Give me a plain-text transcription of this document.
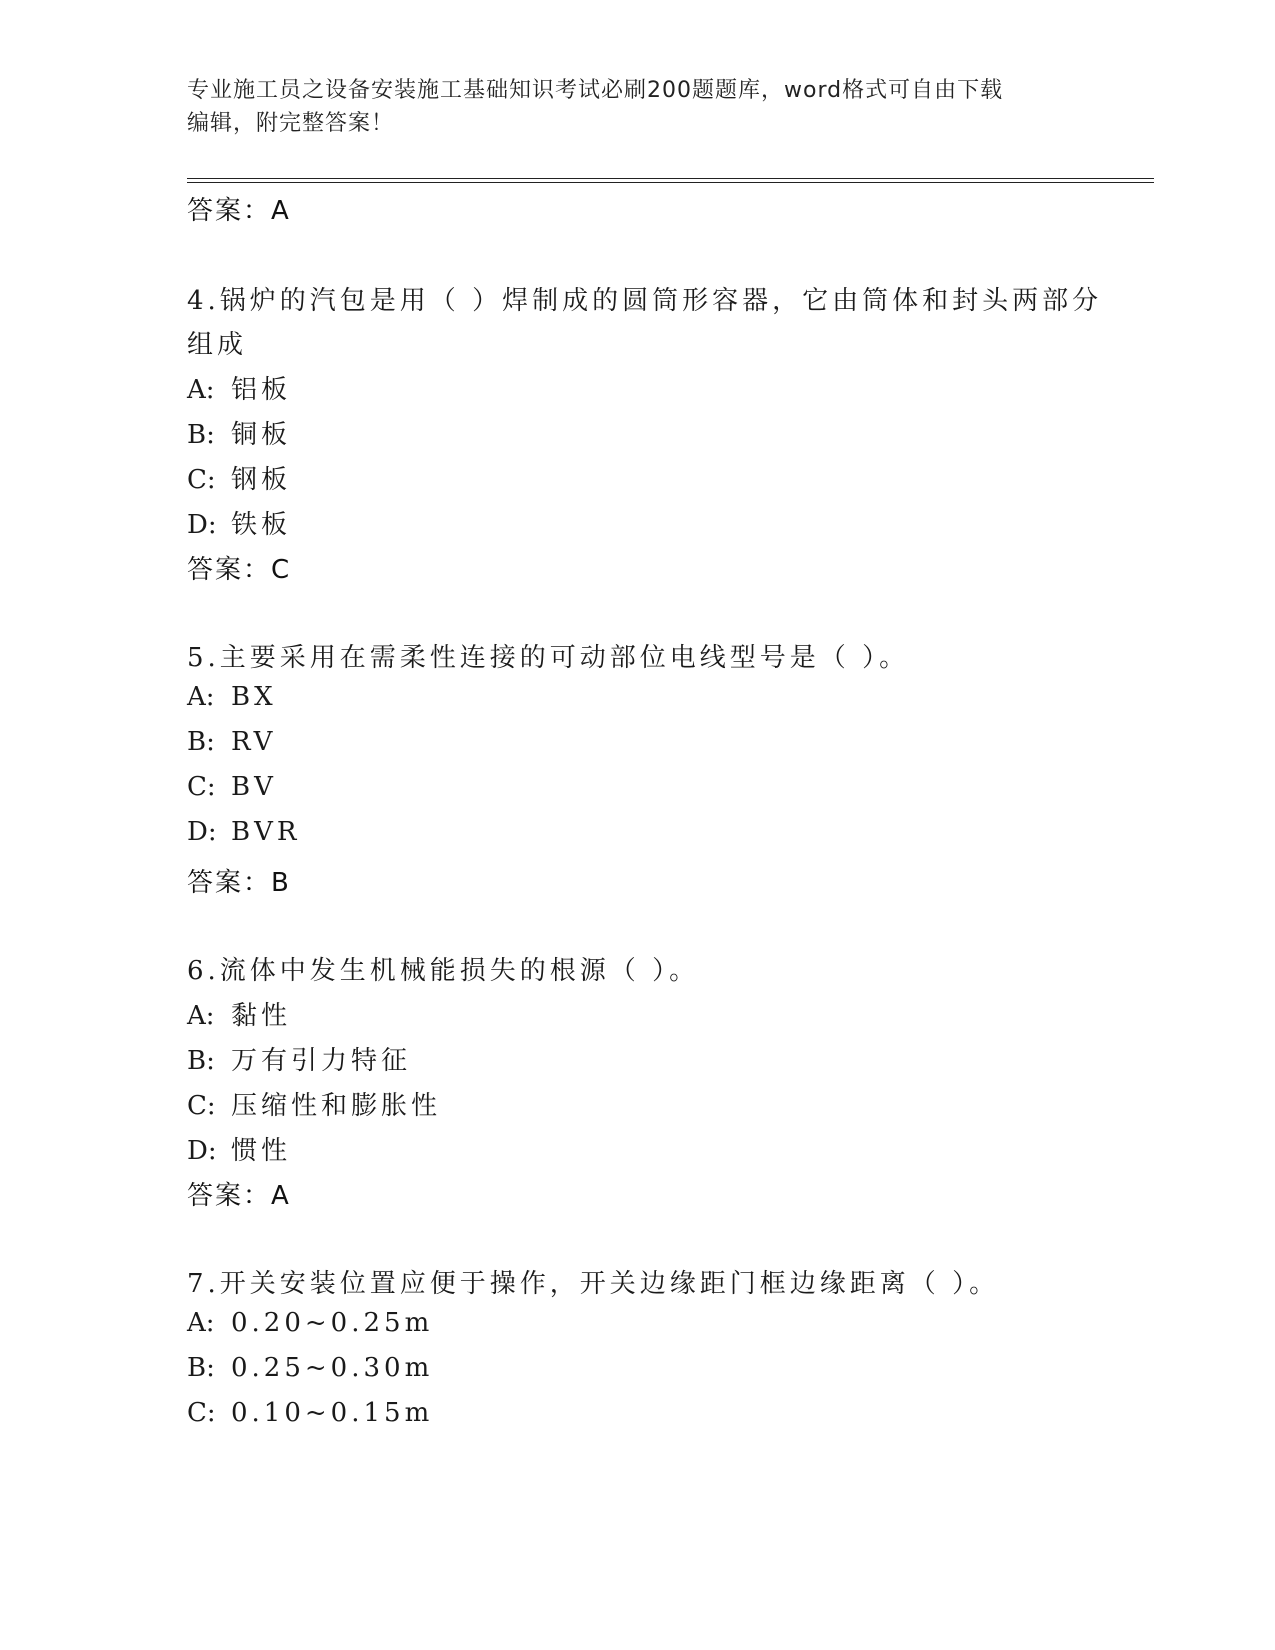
专业施工员之设备安装施工基础知识考试必刷200题题库，word格式可自由下载
编辑，附完整答案！
答案：A
4.锅炉的汽包是用（ ）焊制成的圆筒形容器，它由筒体和封头两部分
组成
A: 铝板
B: 铜板
C: 钢板
D: 铁板
答案：C
5.主要采用在需柔性连接的可动部位电线型号是（ ）。
A: BX
B: RV
C: BV
D: BVR
答案：B
6.流体中发生机械能损失的根源（ ）。
A: 黏性
B: 万有引力特征
C: 压缩性和膨胀性
D: 惯性
答案：A
7.开关安装位置应便于操作，开关边缘距门框边缘距离（ ）。
A: 0.20~0.25m
B: 0.25~0.30m
C: 0.10~0.15m
